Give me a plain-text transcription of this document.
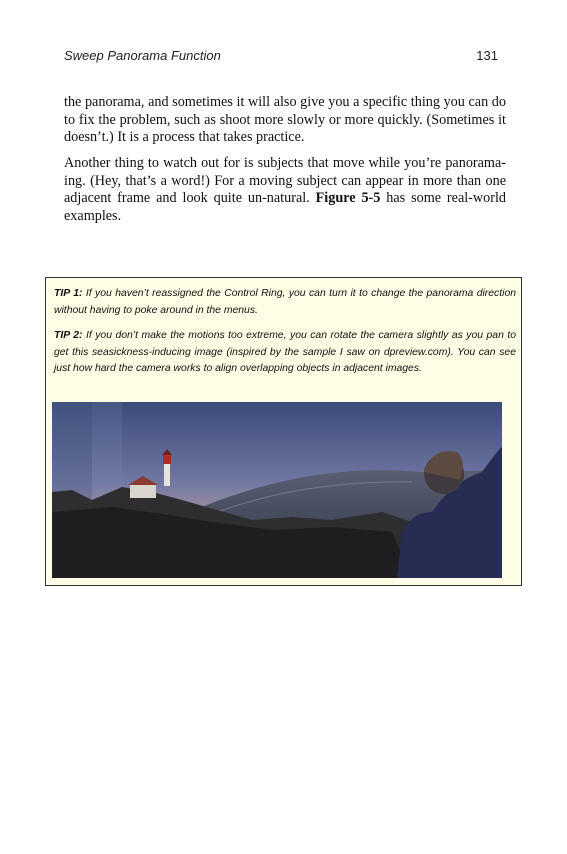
Sweep Panorama Function	131
the panorama, and sometimes it will also give you a specific thing you can do to fix the problem, such as shoot more slowly or more quickly. (Sometimes it doesn’t.) It is a process that takes practice.
Another thing to watch out for is subjects that move while you’re panorama-ing. (Hey, that’s a word!) For a moving subject can appear in more than one adjacent frame and look quite un-natural. Figure 5-5 has some real-world examples.
TIP 1: If you haven’t reassigned the Control Ring, you can turn it to change the panorama direction without having to poke around in the menus.
TIP 2: If you don’t make the motions too extreme, you can rotate the camera slightly as you pan to get this seasickness-inducing image (inspired by the sample I saw on dpreview.com). You can see just how hard the camera works to align overlapping objects in adjacent images.
